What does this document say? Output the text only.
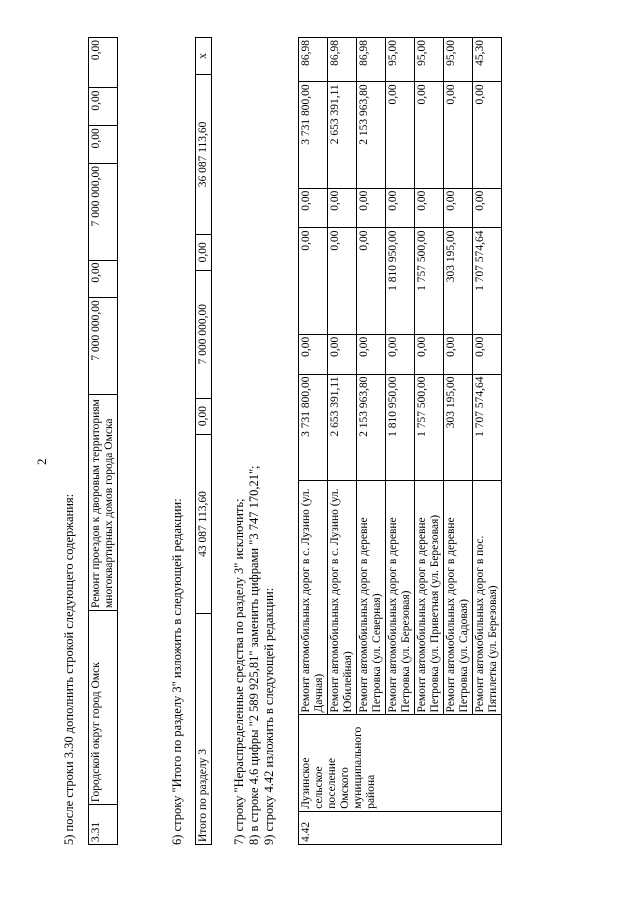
2
5) после строки 3.30 дополнить строкой следующего содержания: 3.31	Городской округ город Омск	Ремонт проездов к дворовым территориям многоквартирных домов города Омска	7 000 000,00	0,00	7 000 000,00	0,00	0,00	0,00
6) строку "Итого по разделу 3" изложить в следующей редакции: Итого по разделу 3	43 087 113,60	0,00	7 000 000,00	0,00	36 087 113,60	x
7) строку "Нераспределенные средства по разделу 3" исключить; 8) в строке 4.6 цифры "2 589 925,81" заменить цифрами "3 747 170,21"; 9) строку 4.42 изложить в следующей редакции: 4.42	Лузинское сельское поселение Омского муниципального района	Ремонт автомобильных дорог в с. Лузино (ул. Дачная)	3 731 800,00	0,00	0,00	0,00	3 731 800,00	86,98
		Ремонт автомобильных дорог в с. Лузино (ул. Юбилейная)	2 653 391,11	0,00	0,00	0,00	2 653 391,11	86,98
		Ремонт автомобильных дорог в деревне Петровка (ул. Северная)	2 153 963,80	0,00	0,00	0,00	2 153 963,80	86,98
		Ремонт автомобильных дорог в деревне Петровка (ул. Березовая)	1 810 950,00	0,00	1 810 950,00	0,00	0,00	95,00
		Ремонт автомобильных дорог в деревне Петровка (ул. Приветная (ул. Березовая)	1 757 500,00	0,00	1 757 500,00	0,00	0,00	95,00
		Ремонт автомобильных дорог в деревне Петровка (ул. Садовая)	303 195,00	0,00	303 195,00	0,00	0,00	95,00
		Ремонт автомобильных дорог в пос. Пятилетка (ул. Березовая)	1 707 574,64	0,00	1 707 574,64	0,00	0,00	45,30
